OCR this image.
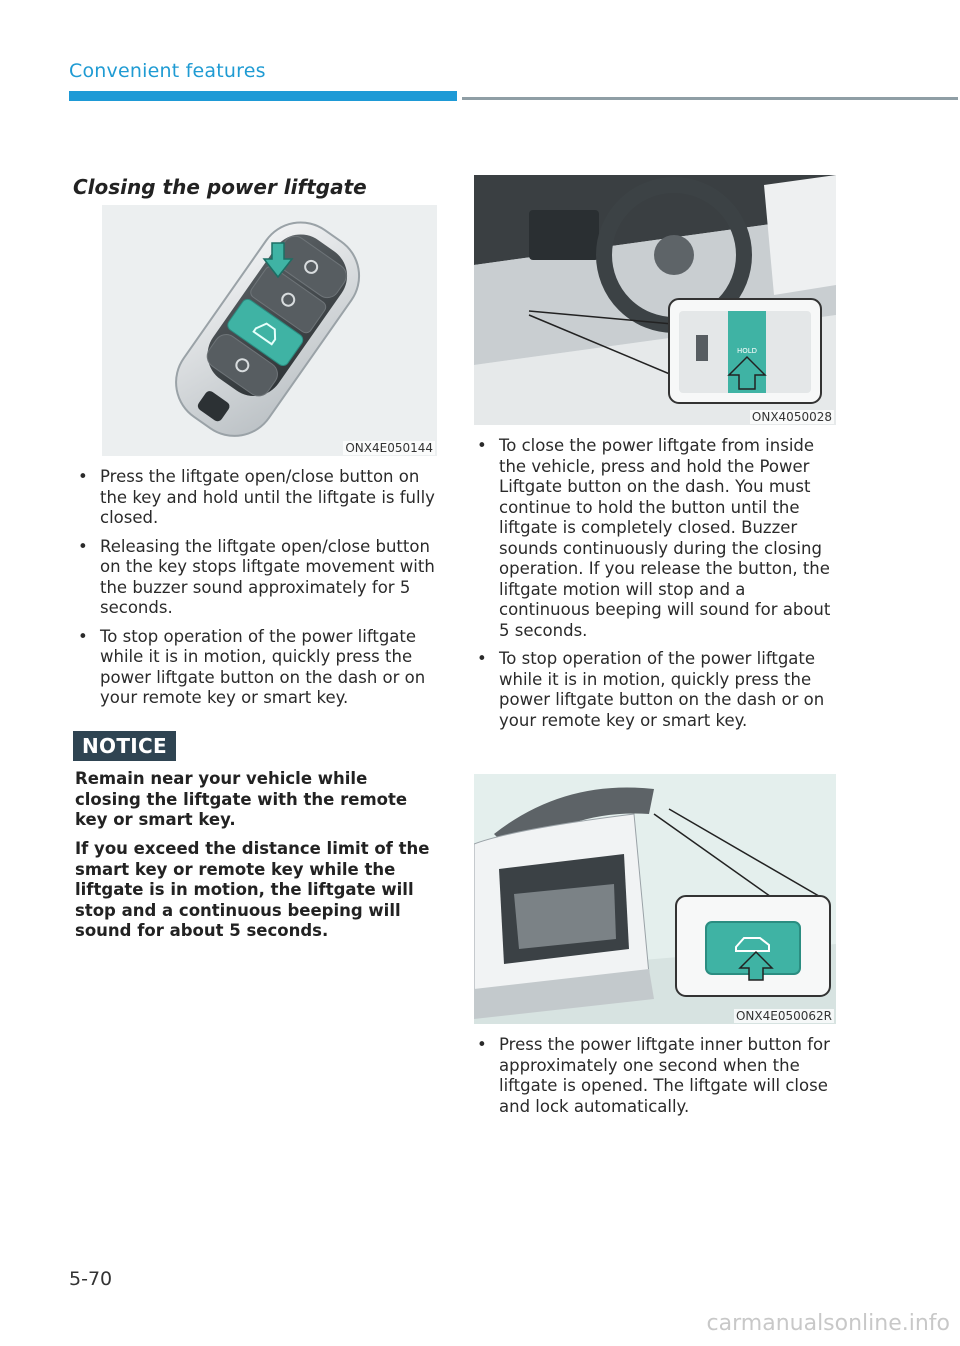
Convenient features
Closing the power liftgate
ONX4E050144
• Press the liftgate open/close button on the key and hold until the liftgate is fully closed.
• Releasing the liftgate open/close button on the key stops liftgate movement with the buzzer sound approximately for 5 seconds.
• To stop operation of the power liftgate while it is in motion, quickly press the power liftgate button on the dash or on your remote key or smart key.
NOTICE

Remain near your vehicle while closing the liftgate with the remote key or smart key.

If you exceed the distance limit of the smart key or remote key while the liftgate is in motion, the liftgate will stop and a continuous beeping will sound for about 5 seconds.

HOLD
ONX4050028
• To close the power liftgate from inside the vehicle, press and hold the Power Liftgate button on the dash. You must continue to hold the button until the liftgate is completely closed. Buzzer sounds continuously during the closing operation. If you release the button, the liftgate motion will stop and a continuous beeping will sound for about 5 seconds.
• To stop operation of the power liftgate while it is in motion, quickly press the power liftgate button on the dash or on your remote key or smart key.
ONX4E050062R
• Press the power liftgate inner button for approximately one second when the liftgate is opened. The liftgate will close and lock automatically.
5-70
carmanualsonline.info
